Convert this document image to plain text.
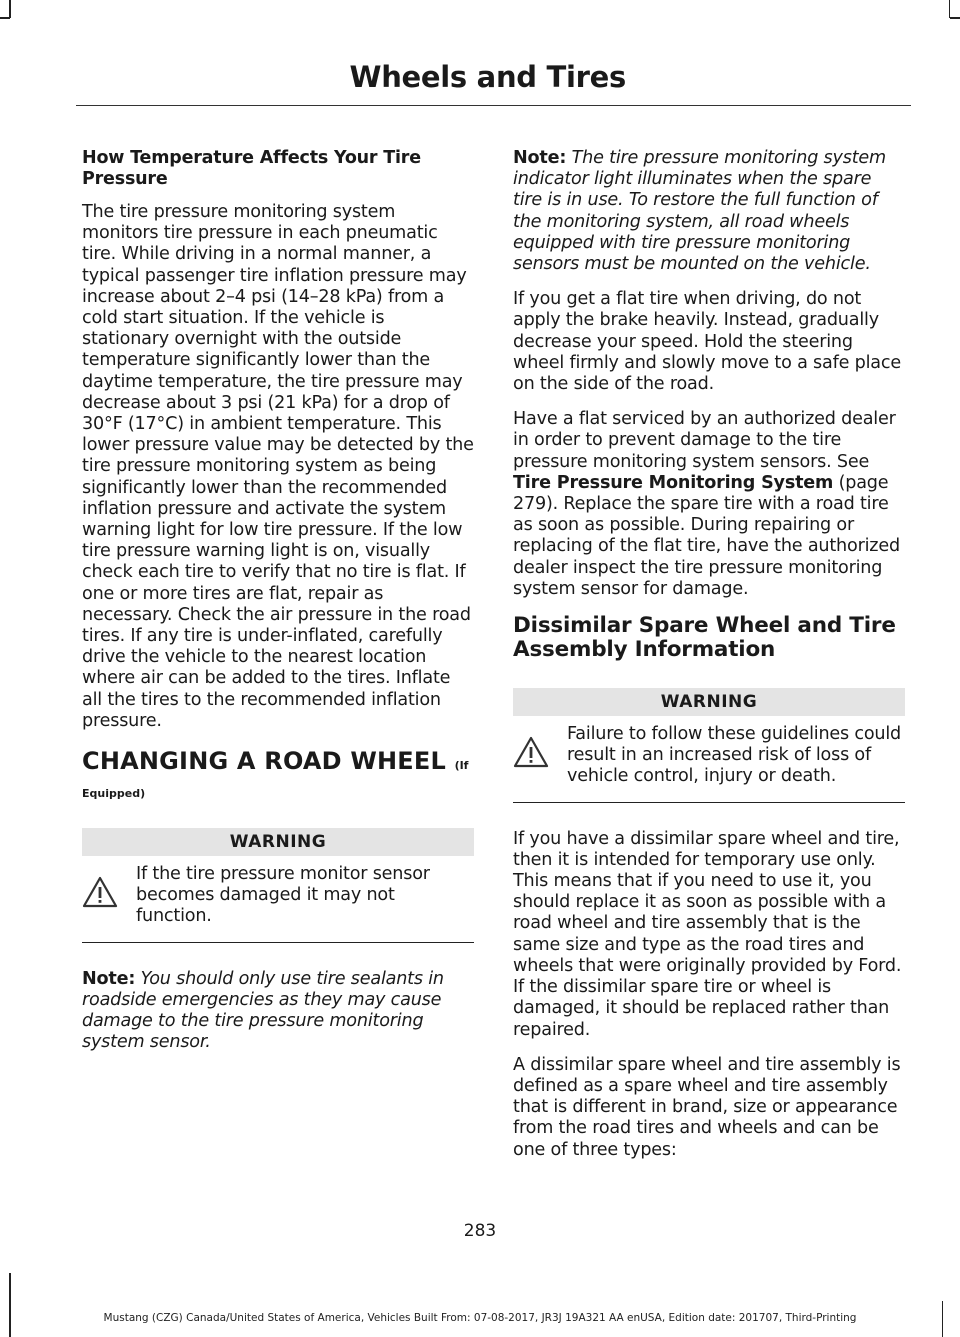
Wheels and Tires
How Temperature Affects Your Tire Pressure

The tire pressure monitoring system monitors tire pressure in each pneumatic tire. While driving in a normal manner, a typical passenger tire inflation pressure may increase about 2–4 psi (14–28 kPa) from a cold start situation. If the vehicle is stationary overnight with the outside temperature significantly lower than the daytime temperature, the tire pressure may decrease about 3 psi (21 kPa) for a drop of 30°F (17°C) in ambient temperature. This lower pressure value may be detected by the tire pressure monitoring system as being significantly lower than the recommended inflation pressure and activate the system warning light for low tire pressure. If the low tire pressure warning light is on, visually check each tire to verify that no tire is flat. If one or more tires are flat, repair as necessary. Check the air pressure in the road tires. If any tire is under-inflated, carefully drive the vehicle to the nearest location where air can be added to the tires. Inflate all the tires to the recommended inflation pressure.

CHANGING A ROAD WHEEL (If
Equipped)
WARNING
If the tire pressure monitor sensor becomes damaged it may not function.

Note: You should only use tire sealants in roadside emergencies as they may cause damage to the tire pressure monitoring system sensor.

Note: The tire pressure monitoring system indicator light illuminates when the spare tire is in use. To restore the full function of the monitoring system, all road wheels equipped with tire pressure monitoring sensors must be mounted on the vehicle.

If you get a flat tire when driving, do not apply the brake heavily. Instead, gradually decrease your speed. Hold the steering wheel firmly and slowly move to a safe place on the side of the road.

Have a flat serviced by an authorized dealer in order to prevent damage to the tire pressure monitoring system sensors. See Tire Pressure Monitoring System (page 279). Replace the spare tire with a road tire as soon as possible. During repairing or replacing of the flat tire, have the authorized dealer inspect the tire pressure monitoring system sensor for damage.

Dissimilar Spare Wheel and Tire Assembly Information
WARNING
Failure to follow these guidelines could result in an increased risk of loss of vehicle control, injury or death.

If you have a dissimilar spare wheel and tire, then it is intended for temporary use only. This means that if you need to use it, you should replace it as soon as possible with a road wheel and tire assembly that is the same size and type as the road tires and wheels that were originally provided by Ford. If the dissimilar spare tire or wheel is damaged, it should be replaced rather than repaired.

A dissimilar spare wheel and tire assembly is defined as a spare wheel and tire assembly that is different in brand, size or appearance from the road tires and wheels and can be one of three types:

283
Mustang (CZG) Canada/United States of America, Vehicles Built From: 07-08-2017, JR3J 19A321 AA enUSA, Edition date: 201707, Third-Printing
